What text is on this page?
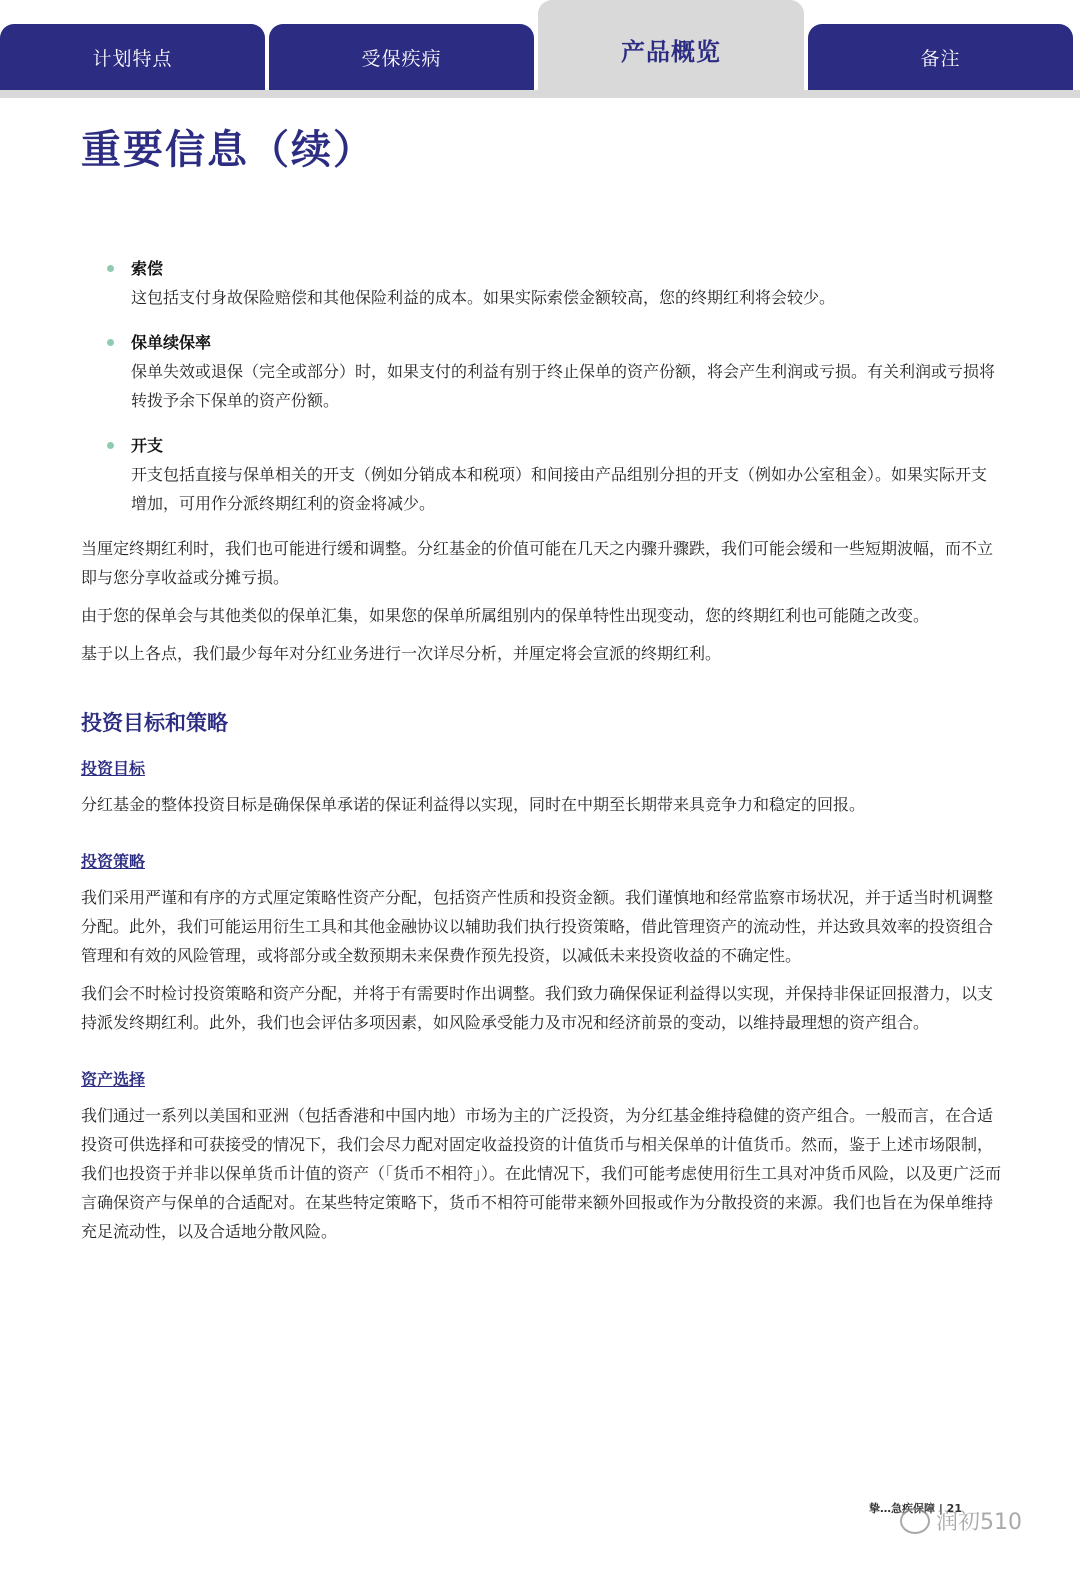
计划特点	受保疾病	产品概览	备注
重要信息（续）
索偿
这包括支付身故保险赔偿和其他保险利益的成本。如果实际索偿金额较高，您的终期红利将会较少。
保单续保率
保单失效或退保（完全或部分）时，如果支付的利益有别于终止保单的资产份额，将会产生利润或亏损。有关利润或亏损将转拨予余下保单的资产份额。
开支
开支包括直接与保单相关的开支（例如分销成本和税项）和间接由产品组别分担的开支（例如办公室租金）。如果实际开支增加，可用作分派终期红利的资金将减少。

当厘定终期红利时，我们也可能进行缓和调整。分红基金的价值可能在几天之内骤升骤跌，我们可能会缓和一些短期波幅，而不立即与您分享收益或分摊亏损。

由于您的保单会与其他类似的保单汇集，如果您的保单所属组别内的保单特性出现变动，您的终期红利也可能随之改变。

基于以上各点，我们最少每年对分红业务进行一次详尽分析，并厘定将会宣派的终期红利。

投资目标和策略
投资目标

分红基金的整体投资目标是确保保单承诺的保证利益得以实现，同时在中期至长期带来具竞争力和稳定的回报。

投资策略

我们采用严谨和有序的方式厘定策略性资产分配，包括资产性质和投资金额。我们谨慎地和经常监察市场状况，并于适当时机调整分配。此外，我们可能运用衍生工具和其他金融协议以辅助我们执行投资策略，借此管理资产的流动性，并达致具效率的投资组合管理和有效的风险管理，或将部分或全数预期未来保费作预先投资，以减低未来投资收益的不确定性。

我们会不时检讨投资策略和资产分配，并将于有需要时作出调整。我们致力确保保证利益得以实现，并保持非保证回报潜力，以支持派发终期红利。此外，我们也会评估多项因素，如风险承受能力及市况和经济前景的变动，以维持最理想的资产组合。

资产选择

我们通过一系列以美国和亚洲（包括香港和中国内地）市场为主的广泛投资，为分红基金维持稳健的资产组合。一般而言，在合适投资可供选择和可获接受的情况下，我们会尽力配对固定收益投资的计值货币与相关保单的计值货币。然而，鉴于上述市场限制，我们也投资于并非以保单货币计值的资产（「货币不相符」）。在此情况下，我们可能考虑使用衍生工具对冲货币风险，以及更广泛而言确保资产与保单的合适配对。在某些特定策略下，货币不相符可能带来额外回报或作为分散投资的来源。我们也旨在为保单维持充足流动性，以及合适地分散风险。

挚…急疾保障 | 21
润初510
